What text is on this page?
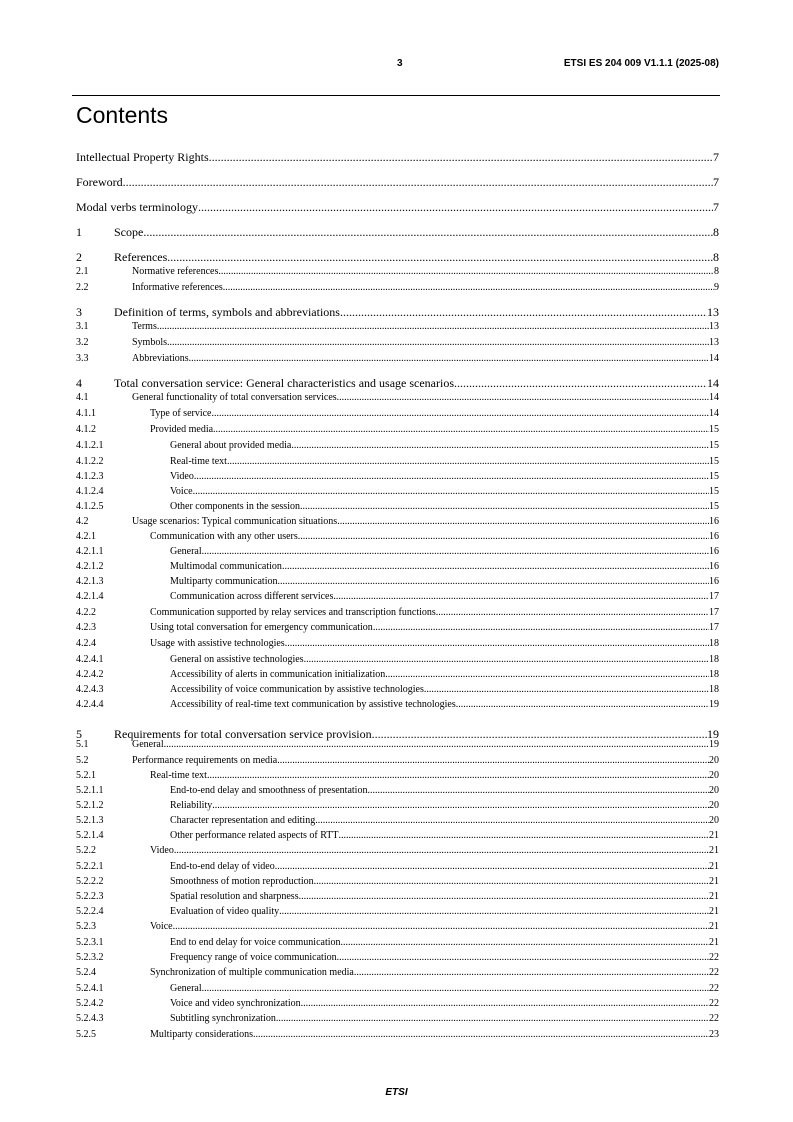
3	ETSI ES 204 009 V1.1.1 (2025-08)
Contents
Intellectual Property Rights .....	7
Foreword .....	7
Modal verbs terminology .....	7
1	Scope .....	8
2	References .....	8
2.1	Normative references .....	8
2.2	Informative references .....	9
3	Definition of terms, symbols and abbreviations .....	13
3.1	Terms .....	13
3.2	Symbols .....	13
3.3	Abbreviations .....	14
4	Total conversation service: General characteristics and usage scenarios .....	14
4.1	General functionality of total conversation services .....	14
4.1.1	Type of service .....	14
4.1.2	Provided media .....	15
4.1.2.1	General about provided media .....	15
4.1.2.2	Real-time text .....	15
4.1.2.3	Video .....	15
4.1.2.4	Voice .....	15
4.1.2.5	Other components in the session .....	15
4.2	Usage scenarios: Typical communication situations .....	16
4.2.1	Communication with any other users .....	16
4.2.1.1	General .....	16
4.2.1.2	Multimodal communication .....	16
4.2.1.3	Multiparty communication .....	16
4.2.1.4	Communication across different services .....	17
4.2.2	Communication supported by relay services and transcription functions .....	17
4.2.3	Using total conversation for emergency communication .....	17
4.2.4	Usage with assistive technologies .....	18
4.2.4.1	General on assistive technologies .....	18
4.2.4.2	Accessibility of alerts in communication initialization .....	18
4.2.4.3	Accessibility of voice communication by assistive technologies .....	18
4.2.4.4	Accessibility of real-time text communication by assistive technologies .....	19
5	Requirements for total conversation service provision .....	19
5.1	General .....	19
5.2	Performance requirements on media .....	20
5.2.1	Real-time text .....	20
5.2.1.1	End-to-end delay and smoothness of presentation .....	20
5.2.1.2	Reliability .....	20
5.2.1.3	Character representation and editing .....	20
5.2.1.4	Other performance related aspects of RTT .....	21
5.2.2	Video .....	21
5.2.2.1	End-to-end delay of video .....	21
5.2.2.2	Smoothness of motion reproduction .....	21
5.2.2.3	Spatial resolution and sharpness .....	21
5.2.2.4	Evaluation of video quality .....	21
5.2.3	Voice .....	21
5.2.3.1	End to end delay for voice communication .....	21
5.2.3.2	Frequency range of voice communication .....	22
5.2.4	Synchronization of multiple communication media .....	22
5.2.4.1	General .....	22
5.2.4.2	Voice and video synchronization .....	22
5.2.4.3	Subtitling synchronization .....	22
5.2.5	Multiparty considerations .....	23
ETSI
